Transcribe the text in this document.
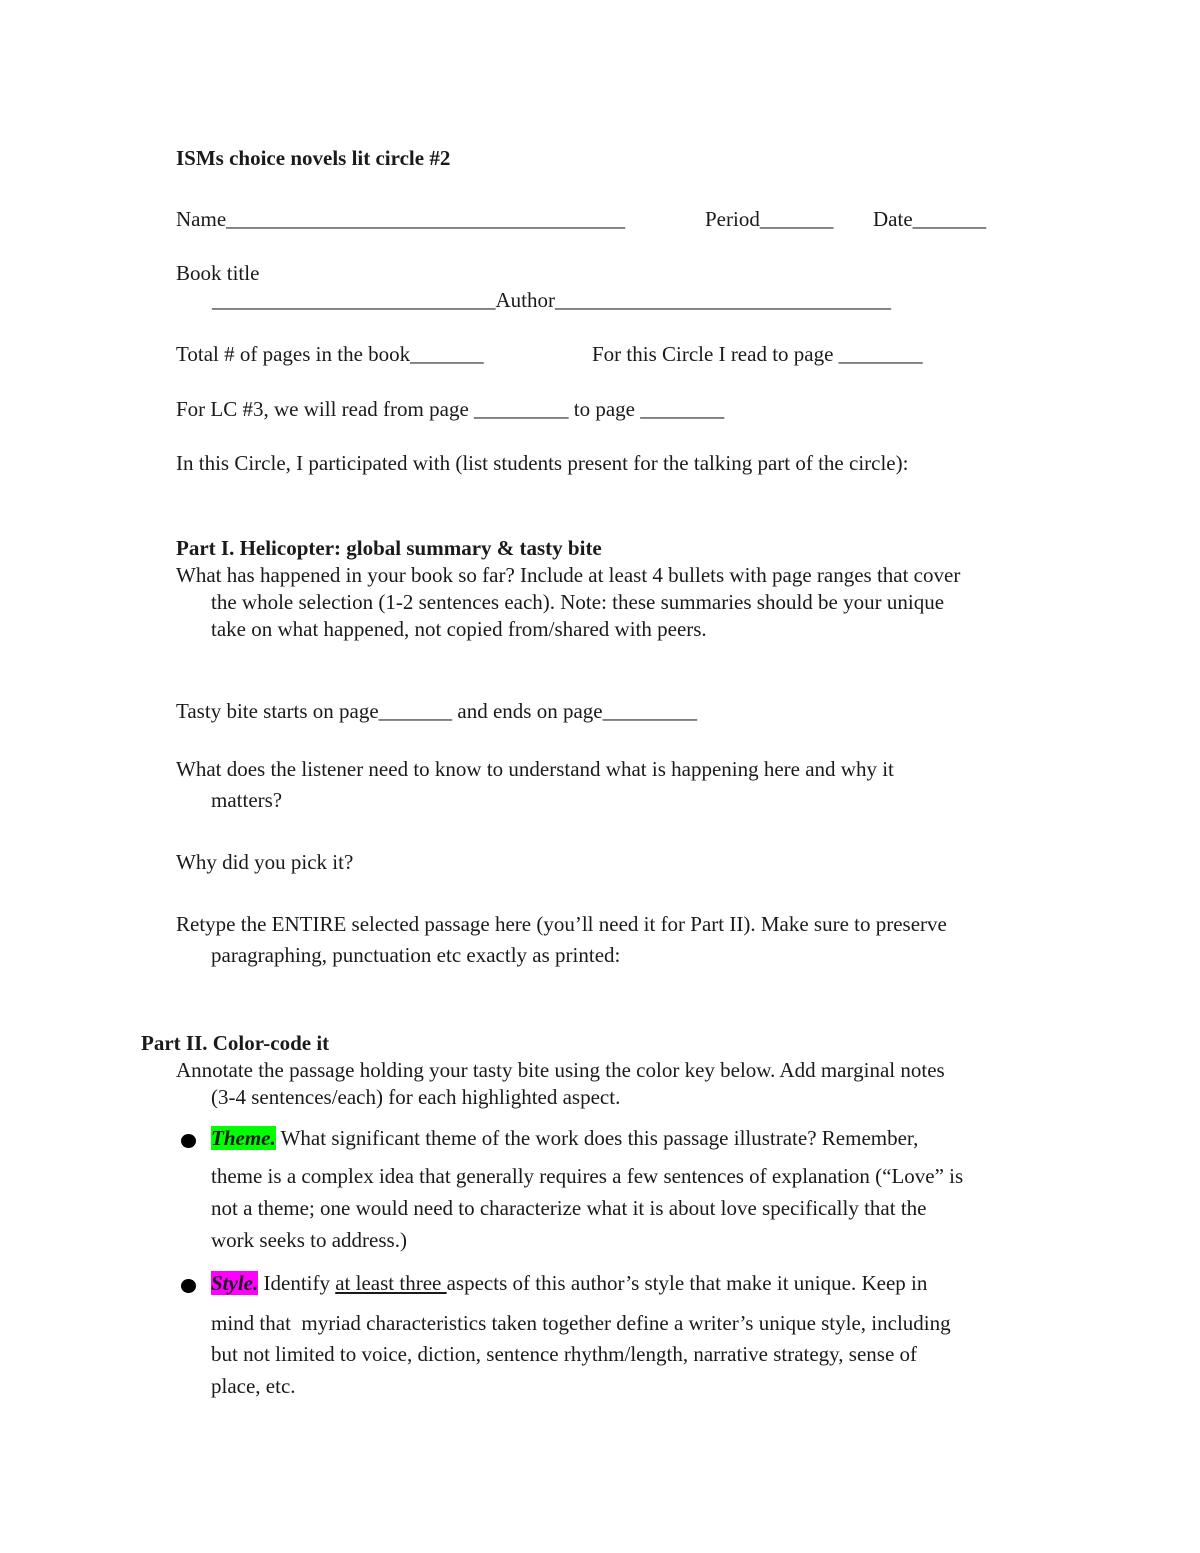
ISMs choice novels lit circle #2
Name______________________________________	Period_______ Date_______
Book title
___________________________Author________________________________
Total # of pages in the book_______	For this Circle I read to page ________
For LC #3, we will read from page _________ to page ________
In this Circle, I participated with (list students present for the talking part of the circle):
Part I. Helicopter: global summary & tasty bite
What has happened in your book so far? Include at least 4 bullets with page ranges that cover
the whole selection (1-2 sentences each). Note: these summaries should be your unique
take on what happened, not copied from/shared with peers.
Tasty bite starts on page_______ and ends on page_________
What does the listener need to know to understand what is happening here and why it
matters?
Why did you pick it?
Retype the ENTIRE selected passage here (you’ll need it for Part II). Make sure to preserve
paragraphing, punctuation etc exactly as printed:
Part II. Color-code it
Annotate the passage holding your tasty bite using the color key below. Add marginal notes
(3-4 sentences/each) for each highlighted aspect.
Theme. What significant theme of the work does this passage illustrate? Remember,
theme is a complex idea that generally requires a few sentences of explanation (“Love” is
not a theme; one would need to characterize what it is about love specifically that the
work seeks to address.)
Style. Identify at least three aspects of this author’s style that make it unique. Keep in
mind that  myriad characteristics taken together define a writer’s unique style, including
but not limited to voice, diction, sentence rhythm/length, narrative strategy, sense of
place, etc.
